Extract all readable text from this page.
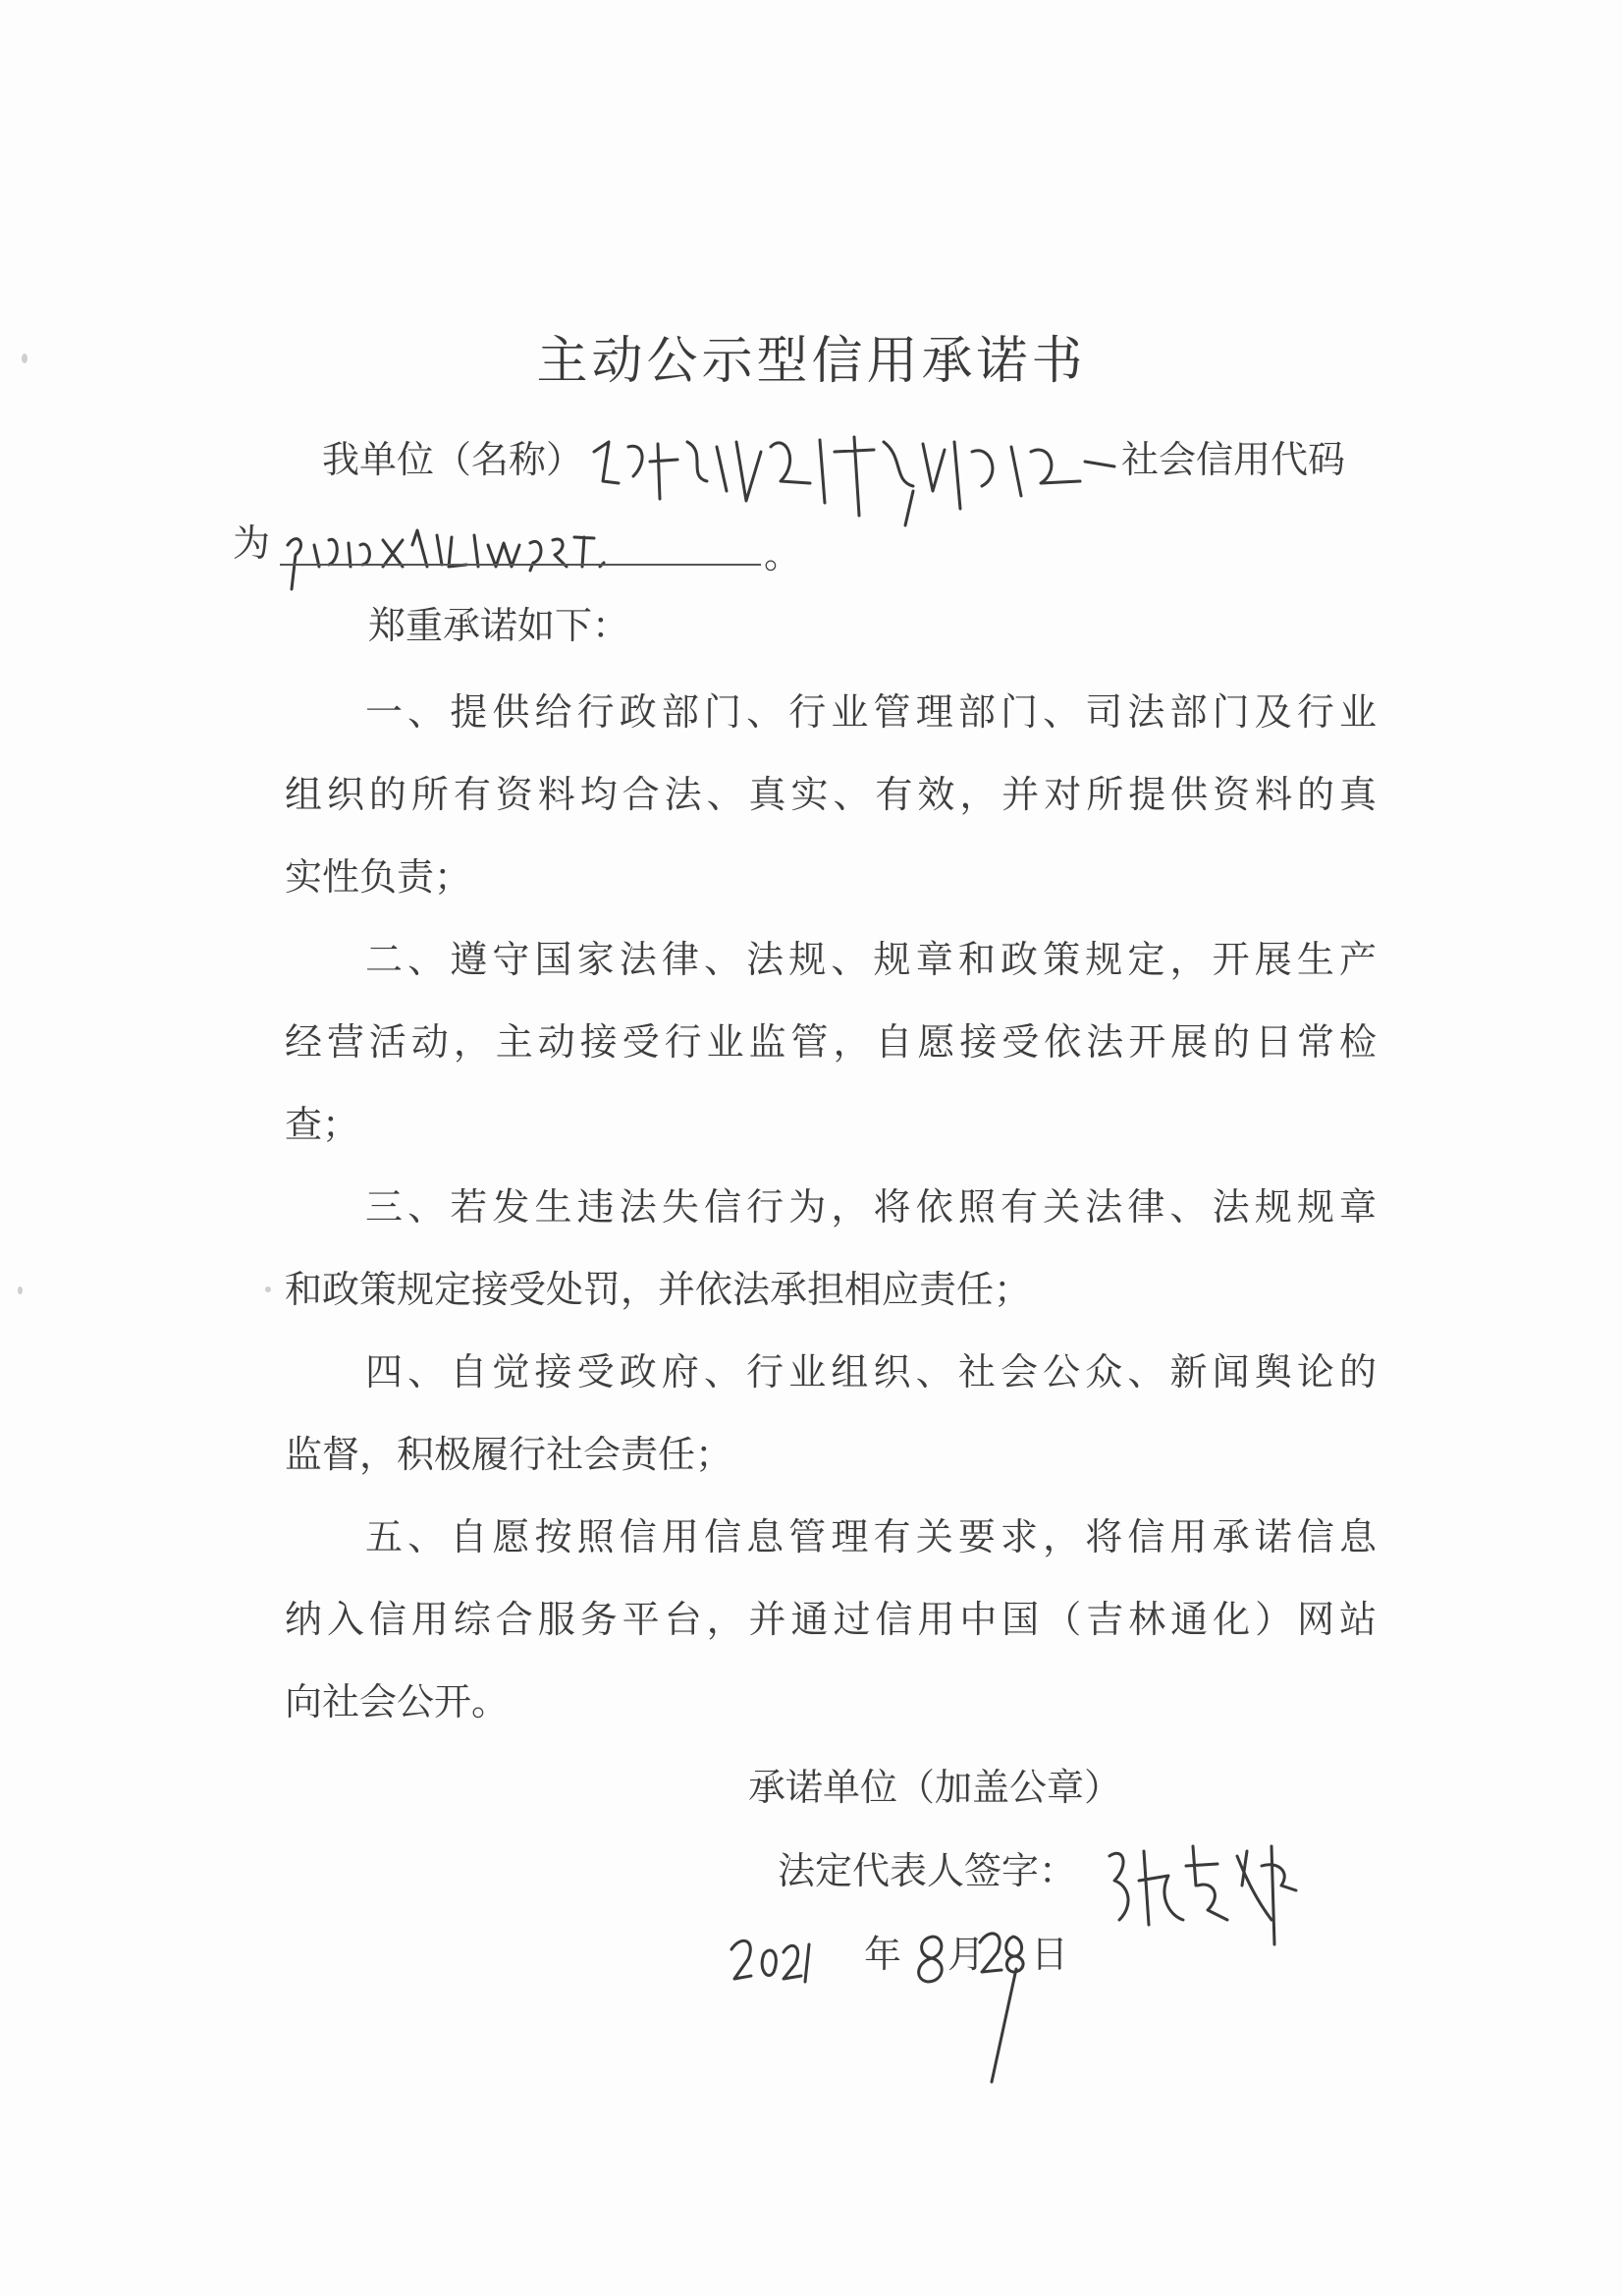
主动公示型信用承诺书
我单位（名称）	社会信用代码
为	。
郑重承诺如下：
一、提供给行政部门、行业管理部门、司法部门及行业
组织的所有资料均合法、真实、有效，并对所提供资料的真
实性负责；
二、遵守国家法律、法规、规章和政策规定，开展生产
经营活动，主动接受行业监管，自愿接受依法开展的日常检
查；
三、若发生违法失信行为，将依照有关法律、法规规章
和政策规定接受处罚，并依法承担相应责任；
四、自觉接受政府、行业组织、社会公众、新闻舆论的
监督，积极履行社会责任；
五、自愿按照信用信息管理有关要求，将信用承诺信息
纳入信用综合服务平台，并通过信用中国（吉林通化）网站
向社会公开。
承诺单位（加盖公章）
法定代表人签字：
年 月 日
